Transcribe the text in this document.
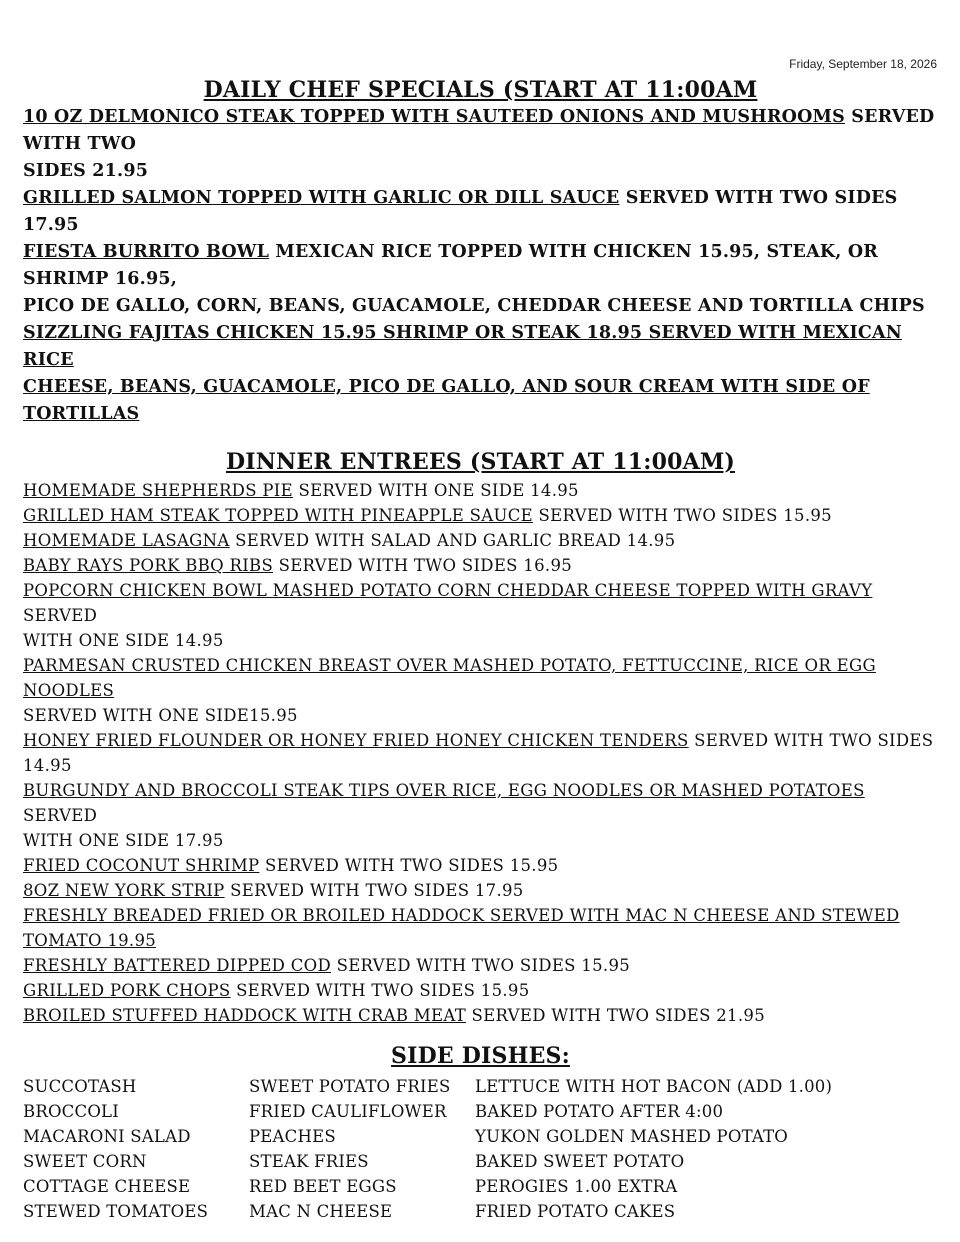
Friday, September 18, 2026
DAILY CHEF SPECIALS (START AT 11:00AM

10 OZ DELMONICO STEAK TOPPED WITH SAUTEED ONIONS AND MUSHROOMS SERVED WITH TWO

SIDES 21.95

GRILLED SALMON TOPPED WITH GARLIC OR DILL SAUCE SERVED WITH TWO SIDES 17.95

FIESTA BURRITO BOWL MEXICAN RICE TOPPED WITH CHICKEN 15.95, STEAK, OR SHRIMP 16.95,

PICO DE GALLO, CORN, BEANS, GUACAMOLE, CHEDDAR CHEESE AND TORTILLA CHIPS

SIZZLING FAJITAS CHICKEN 15.95 SHRIMP OR STEAK 18.95 SERVED WITH MEXICAN RICE

CHEESE, BEANS, GUACAMOLE, PICO DE GALLO, AND SOUR CREAM WITH SIDE OF TORTILLAS

DINNER ENTREES (START AT 11:00AM)

HOMEMADE SHEPHERDS PIE SERVED WITH ONE SIDE 14.95

GRILLED HAM STEAK TOPPED WITH PINEAPPLE SAUCE SERVED WITH TWO SIDES 15.95

HOMEMADE LASAGNA SERVED WITH SALAD AND GARLIC BREAD 14.95

BABY RAYS PORK BBQ RIBS SERVED WITH TWO SIDES 16.95

POPCORN CHICKEN BOWL MASHED POTATO CORN CHEDDAR CHEESE TOPPED WITH GRAVY SERVED

WITH ONE SIDE 14.95

PARMESAN CRUSTED CHICKEN BREAST OVER MASHED POTATO, FETTUCCINE, RICE OR EGG NOODLES

SERVED WITH ONE SIDE15.95

HONEY FRIED FLOUNDER OR HONEY FRIED HONEY CHICKEN TENDERS SERVED WITH TWO SIDES 14.95

BURGUNDY AND BROCCOLI STEAK TIPS OVER RICE, EGG NOODLES OR MASHED POTATOES SERVED

WITH ONE SIDE 17.95

FRIED COCONUT SHRIMP SERVED WITH TWO SIDES 15.95

8OZ NEW YORK STRIP SERVED WITH TWO SIDES 17.95

FRESHLY BREADED FRIED OR BROILED HADDOCK SERVED WITH MAC N CHEESE AND STEWED TOMATO 19.95

FRESHLY BATTERED DIPPED COD SERVED WITH TWO SIDES 15.95

GRILLED PORK CHOPS SERVED WITH TWO SIDES 15.95

BROILED STUFFED HADDOCK WITH CRAB MEAT SERVED WITH TWO SIDES 21.95

SIDE DISHES:
SUCCOTASH
BROCCOLI
MACARONI SALAD
SWEET CORN
COTTAGE CHEESE
STEWED TOMATOES
SWEET POTATO FRIES
FRIED CAULIFLOWER
PEACHES
STEAK FRIES
RED BEET EGGS
MAC N CHEESE
LETTUCE WITH HOT BACON (ADD 1.00)
BAKED POTATO AFTER 4:00
YUKON GOLDEN MASHED POTATO
BAKED SWEET POTATO
PEROGIES 1.00 EXTRA
FRIED POTATO CAKES
